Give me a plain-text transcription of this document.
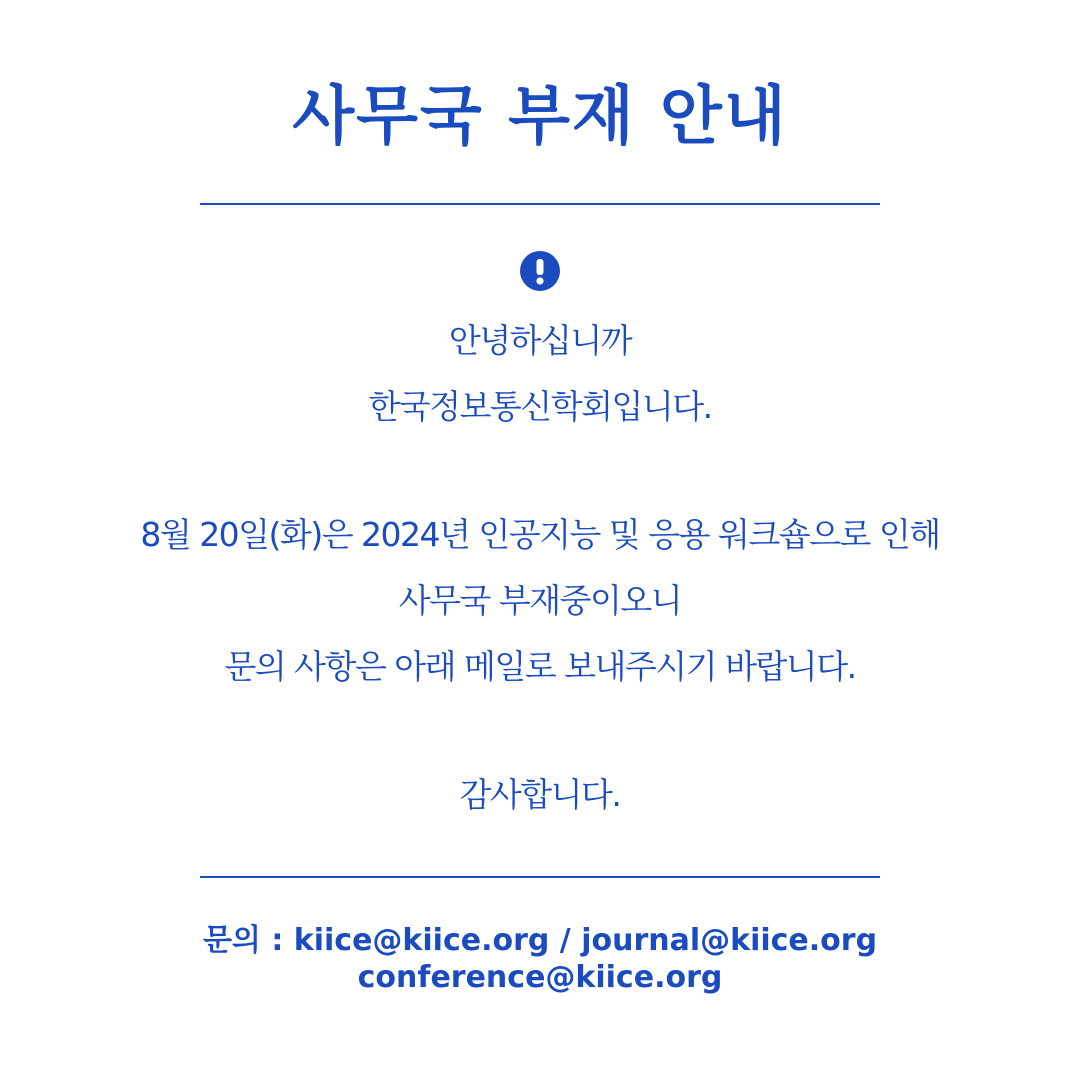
사무국 부재 안내
안녕하십니까
한국정보통신학회입니다.
8월 20일(화)은 2024년 인공지능 및 응용 워크숍으로 인해
사무국 부재중이오니
문의 사항은 아래 메일로 보내주시기 바랍니다.
감사합니다.
문의 : kiice@kiice.org / journal@kiice.org
conference@kiice.org
